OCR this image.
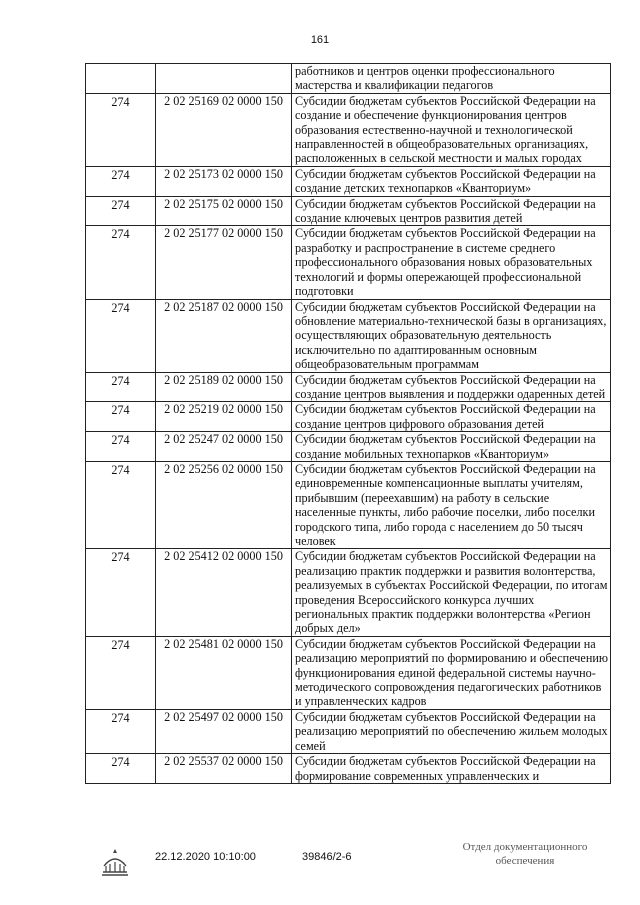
161
		работников и центров оценки профессионального мастерства и квалификации педагогов
274	2 02 25169 02 0000 150	Субсидии бюджетам субъектов Российской Федерации на создание и обеспечение функционирования центров образования естественно-научной и технологической направленностей в общеобразовательных организациях, расположенных в сельской местности и малых городах
274	2 02 25173 02 0000 150	Субсидии бюджетам субъектов Российской Федерации на создание детских технопарков «Кванториум»
274	2 02 25175 02 0000 150	Субсидии бюджетам субъектов Российской Федерации на создание ключевых центров развития детей
274	2 02 25177 02 0000 150	Субсидии бюджетам субъектов Российской Федерации на разработку и распространение в системе среднего профессионального образования новых образовательных технологий и формы опережающей профессиональной подготовки
274	2 02 25187 02 0000 150	Субсидии бюджетам субъектов Российской Федерации на обновление материально-технической базы в организациях, осуществляющих образовательную деятельность исключительно по адаптированным основным общеобразовательным программам
274	2 02 25189 02 0000 150	Субсидии бюджетам субъектов Российской Федерации на создание центров выявления и поддержки одаренных детей
274	2 02 25219 02 0000 150	Субсидии бюджетам субъектов Российской Федерации на создание центров цифрового образования детей
274	2 02 25247 02 0000 150	Субсидии бюджетам субъектов Российской Федерации на создание мобильных технопарков «Кванториум»
274	2 02 25256 02 0000 150	Субсидии бюджетам субъектов Российской Федерации на единовременные компенсационные выплаты учителям, прибывшим (переехавшим) на работу в сельские населенные пункты, либо рабочие поселки, либо поселки городского типа, либо города с населением до 50 тысяч человек
274	2 02 25412 02 0000 150	Субсидии бюджетам субъектов Российской Федерации на реализацию практик поддержки и развития волонтерства, реализуемых в субъектах Российской Федерации, по итогам проведения Всероссийского конкурса лучших региональных практик поддержки волонтерства «Регион добрых дел»
274	2 02 25481 02 0000 150	Субсидии бюджетам субъектов Российской Федерации на реализацию мероприятий по формированию и обеспечению функционирования единой федеральной системы научно-методического сопровождения педагогических работников и управленческих кадров
274	2 02 25497 02 0000 150	Субсидии бюджетам субъектов Российской Федерации на реализацию мероприятий по обеспечению жильем молодых семей
274	2 02 25537 02 0000 150	Субсидии бюджетам субъектов Российской Федерации на формирование современных управленческих и
22.12.2020 10:10:00	39846/2-6
Отдел документационного
обеспечения
